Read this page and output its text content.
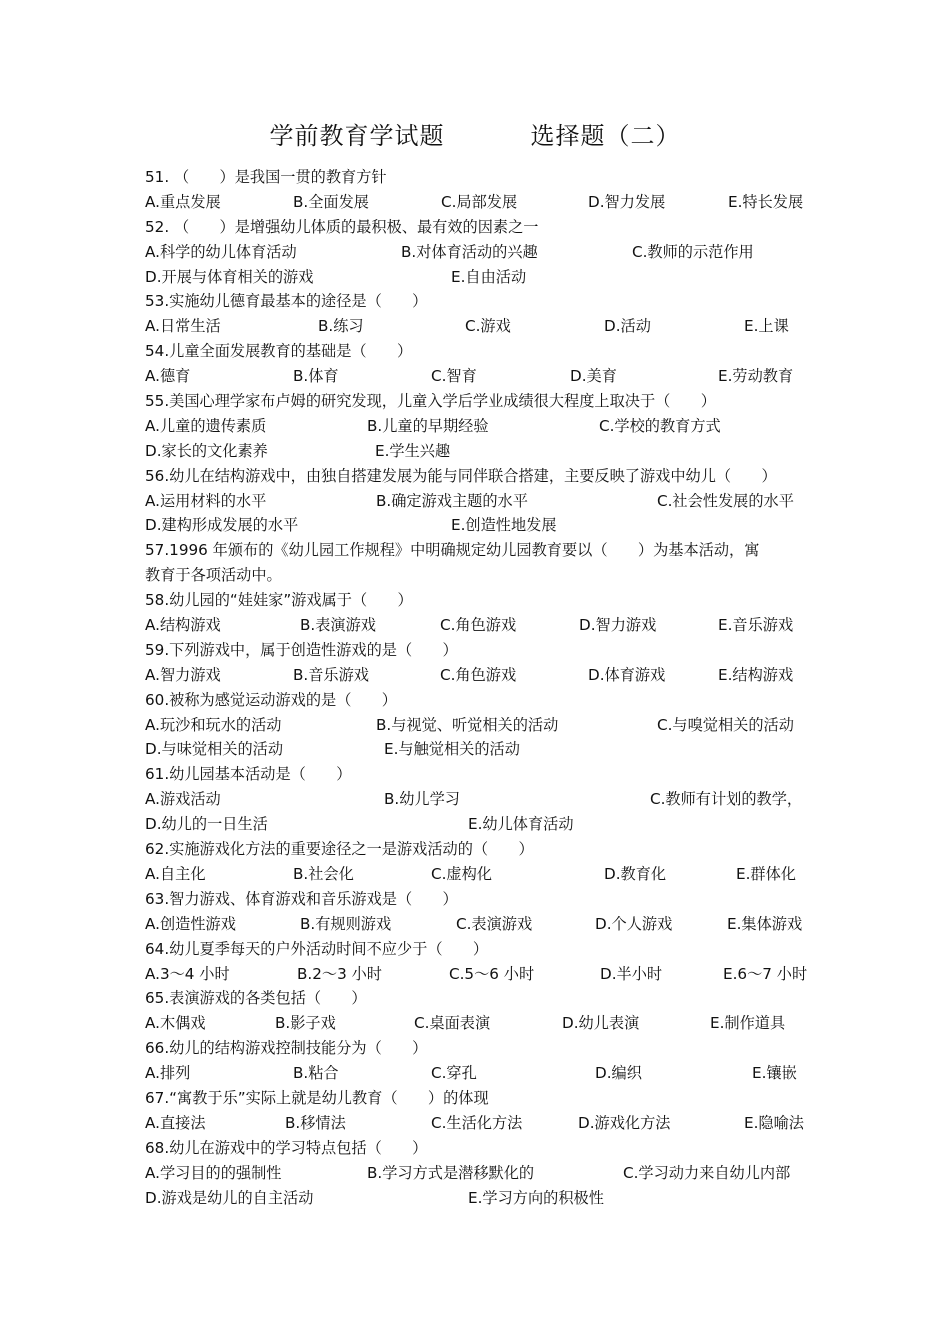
学前教育学试题	选择题（二）
51. （　　）是我国一贯的教育方针
A.重点发展	B.全面发展	C.局部发展	D.智力发展	E.特长发展
52. （　　）是增强幼儿体质的最积极、最有效的因素之一
A.科学的幼儿体育活动	B.对体育活动的兴趣	C.教师的示范作用
D.开展与体育相关的游戏	E.自由活动
53.实施幼儿德育最基本的途径是（　　）
A.日常生活	B.练习	C.游戏	D.活动	E.上课
54.儿童全面发展教育的基础是（　　）
A.德育	B.体育	C.智育	D.美育	E.劳动教育
55.美国心理学家布卢姆的研究发现，儿童入学后学业成绩很大程度上取决于（　　）
A.儿童的遗传素质	B.儿童的早期经验	C.学校的教育方式
D.家长的文化素养	E.学生兴趣
56.幼儿在结构游戏中，由独自搭建发展为能与同伴联合搭建，主要反映了游戏中幼儿（　　）
A.运用材料的水平	B.确定游戏主题的水平	C.社会性发展的水平
D.建构形成发展的水平	E.创造性地发展
57.1996 年颁布的《幼儿园工作规程》中明确规定幼儿园教育要以（　　）为基本活动，寓
教育于各项活动中。
58.幼儿园的“娃娃家”游戏属于（　　）
A.结构游戏	B.表演游戏	C.角色游戏	D.智力游戏	E.音乐游戏
59.下列游戏中，属于创造性游戏的是（　　）
A.智力游戏	B.音乐游戏	C.角色游戏	D.体育游戏	E.结构游戏
60.被称为感觉运动游戏的是（　　）
A.玩沙和玩水的活动	B.与视觉、听觉相关的活动	C.与嗅觉相关的活动
D.与味觉相关的活动	E.与触觉相关的活动
61.幼儿园基本活动是（　　）
A.游戏活动	B.幼儿学习	C.教师有计划的教学，
D.幼儿的一日生活	E.幼儿体育活动
62.实施游戏化方法的重要途径之一是游戏活动的（　　）
A.自主化	B.社会化	C.虚构化	D.教育化	E.群体化
63.智力游戏、体育游戏和音乐游戏是（　　）
A.创造性游戏	B.有规则游戏	C.表演游戏	D.个人游戏	E.集体游戏
64.幼儿夏季每天的户外活动时间不应少于（　　）
A.3～4 小时	B.2～3 小时	C.5～6 小时	D.半小时	E.6～7 小时
65.表演游戏的各类包括（　　）
A.木偶戏	B.影子戏	C.桌面表演	D.幼儿表演	E.制作道具
66.幼儿的结构游戏控制技能分为（　　）
A.排列	B.粘合	C.穿孔	D.编织	E.镶嵌
67.“寓教于乐”实际上就是幼儿教育（　　）的体现
A.直接法	B.移情法	C.生活化方法	D.游戏化方法	E.隐喻法
68.幼儿在游戏中的学习特点包括（　　）
A.学习目的的强制性	B.学习方式是潜移默化的	C.学习动力来自幼儿内部
D.游戏是幼儿的自主活动	E.学习方向的积极性
